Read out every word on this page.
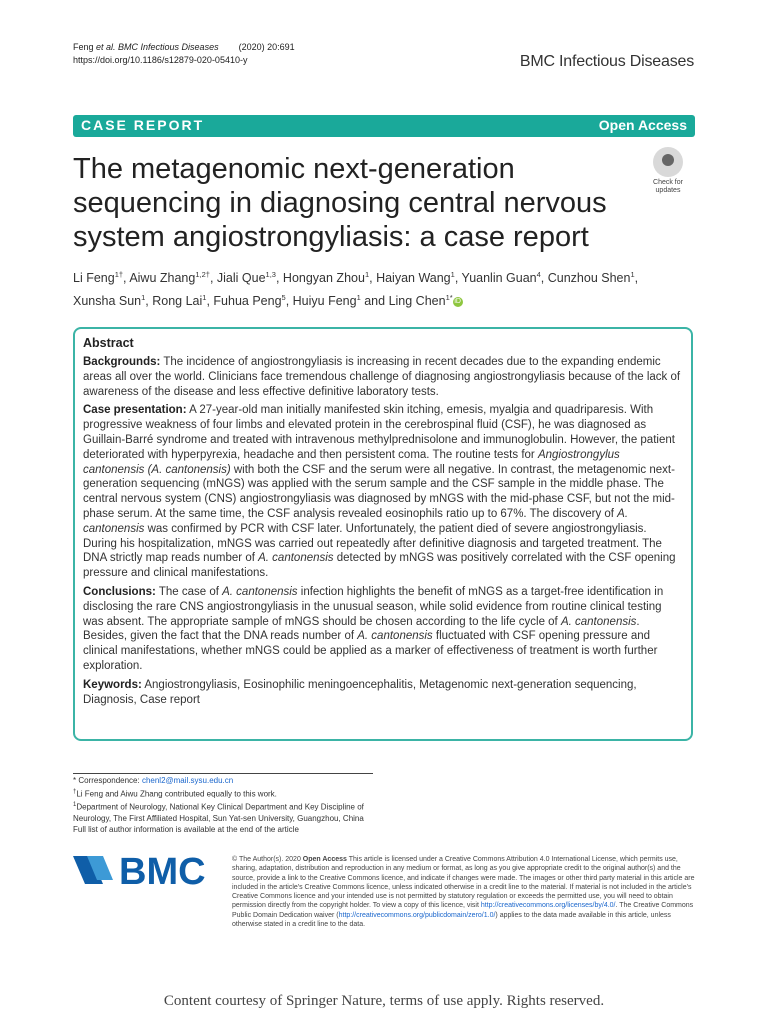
Feng et al. BMC Infectious Diseases (2020) 20:691
https://doi.org/10.1186/s12879-020-05410-y	BMC Infectious Diseases
CASE REPORT	Open Access
The metagenomic next-generation sequencing in diagnosing central nervous system angiostrongyliasis: a case report
Check for
updates
Li Feng$^{1\dagger}$, Aiwu Zhang$^{1,2\dagger}$, Jiali Que$^{1,3}$, Hongyan Zhou$^1$, Haiyan Wang$^1$, Yuanlin Guan$^4$, Cunzhou Shen$^1$,
Xunsha Sun$^1$, Rong Lai$^1$, Fuhua Peng$^5$, Huiyu Feng$^1$ and Ling Chen$^{1*}$ iD
Abstract

Backgrounds: The incidence of angiostrongyliasis is increasing in recent decades due to the expanding endemic areas all over the world. Clinicians face tremendous challenge of diagnosing angiostrongyliasis because of the lack of awareness of the disease and less effective definitive laboratory tests.

Case presentation: A 27-year-old man initially manifested skin itching, emesis, myalgia and quadriparesis. With progressive weakness of four limbs and elevated protein in the cerebrospinal fluid (CSF), he was diagnosed as Guillain-Barré syndrome and treated with intravenous methylprednisolone and immunoglobulin. However, the patient deteriorated with hyperpyrexia, headache and then persistent coma. The routine tests for Angiostrongylus cantonensis (A. cantonensis) with both the CSF and the serum were all negative. In contrast, the metagenomic next-generation sequencing (mNGS) was applied with the serum sample and the CSF sample in the middle phase. The central nervous system (CNS) angiostrongyliasis was diagnosed by mNGS with the mid-phase CSF, but not the mid-phase serum. At the same time, the CSF analysis revealed eosinophils ratio up to 67%. The discovery of A. cantonensis was confirmed by PCR with CSF later. Unfortunately, the patient died of severe angiostrongyliasis. During his hospitalization, mNGS was carried out repeatedly after definitive diagnosis and targeted treatment. The DNA strictly map reads number of A. cantonensis detected by mNGS was positively correlated with the CSF opening pressure and clinical manifestations.

Conclusions: The case of A. cantonensis infection highlights the benefit of mNGS as a target-free identification in disclosing the rare CNS angiostrongyliasis in the unusual season, while solid evidence from routine clinical testing was absent. The appropriate sample of mNGS should be chosen according to the life cycle of A. cantonensis. Besides, given the fact that the DNA reads number of A. cantonensis fluctuated with CSF opening pressure and clinical manifestations, whether mNGS could be applied as a marker of effectiveness of treatment is worth further exploration.

Keywords: Angiostrongyliasis, Eosinophilic meningoencephalitis, Metagenomic next-generation sequencing, Diagnosis, Case report

* Correspondence: chenl2@mail.sysu.edu.cn
†Li Feng and Aiwu Zhang contributed equally to this work.
$^1$Department of Neurology, National Key Clinical Department and Key Discipline of Neurology, The First Affiliated Hospital, Sun Yat-sen University, Guangzhou, China
Full list of author information is available at the end of the article
BMC	© The Author(s). 2020 Open Access This article is licensed under a Creative Commons Attribution 4.0 International License, which permits use, sharing, adaptation, distribution and reproduction in any medium or format, as long as you give appropriate credit to the original author(s) and the source, provide a link to the Creative Commons licence, and indicate if changes were made. The images or other third party material in this article are included in the article's Creative Commons licence, unless indicated otherwise in a credit line to the material. If material is not included in the article's Creative Commons licence and your intended use is not permitted by statutory regulation or exceeds the permitted use, you will need to obtain permission directly from the copyright holder. To view a copy of this licence, visit http://creativecommons.org/licenses/by/4.0/. The Creative Commons Public Domain Dedication waiver (http://creativecommons.org/publicdomain/zero/1.0/) applies to the data made available in this article, unless otherwise stated in a credit line to the data.
Content courtesy of Springer Nature, terms of use apply. Rights reserved.
